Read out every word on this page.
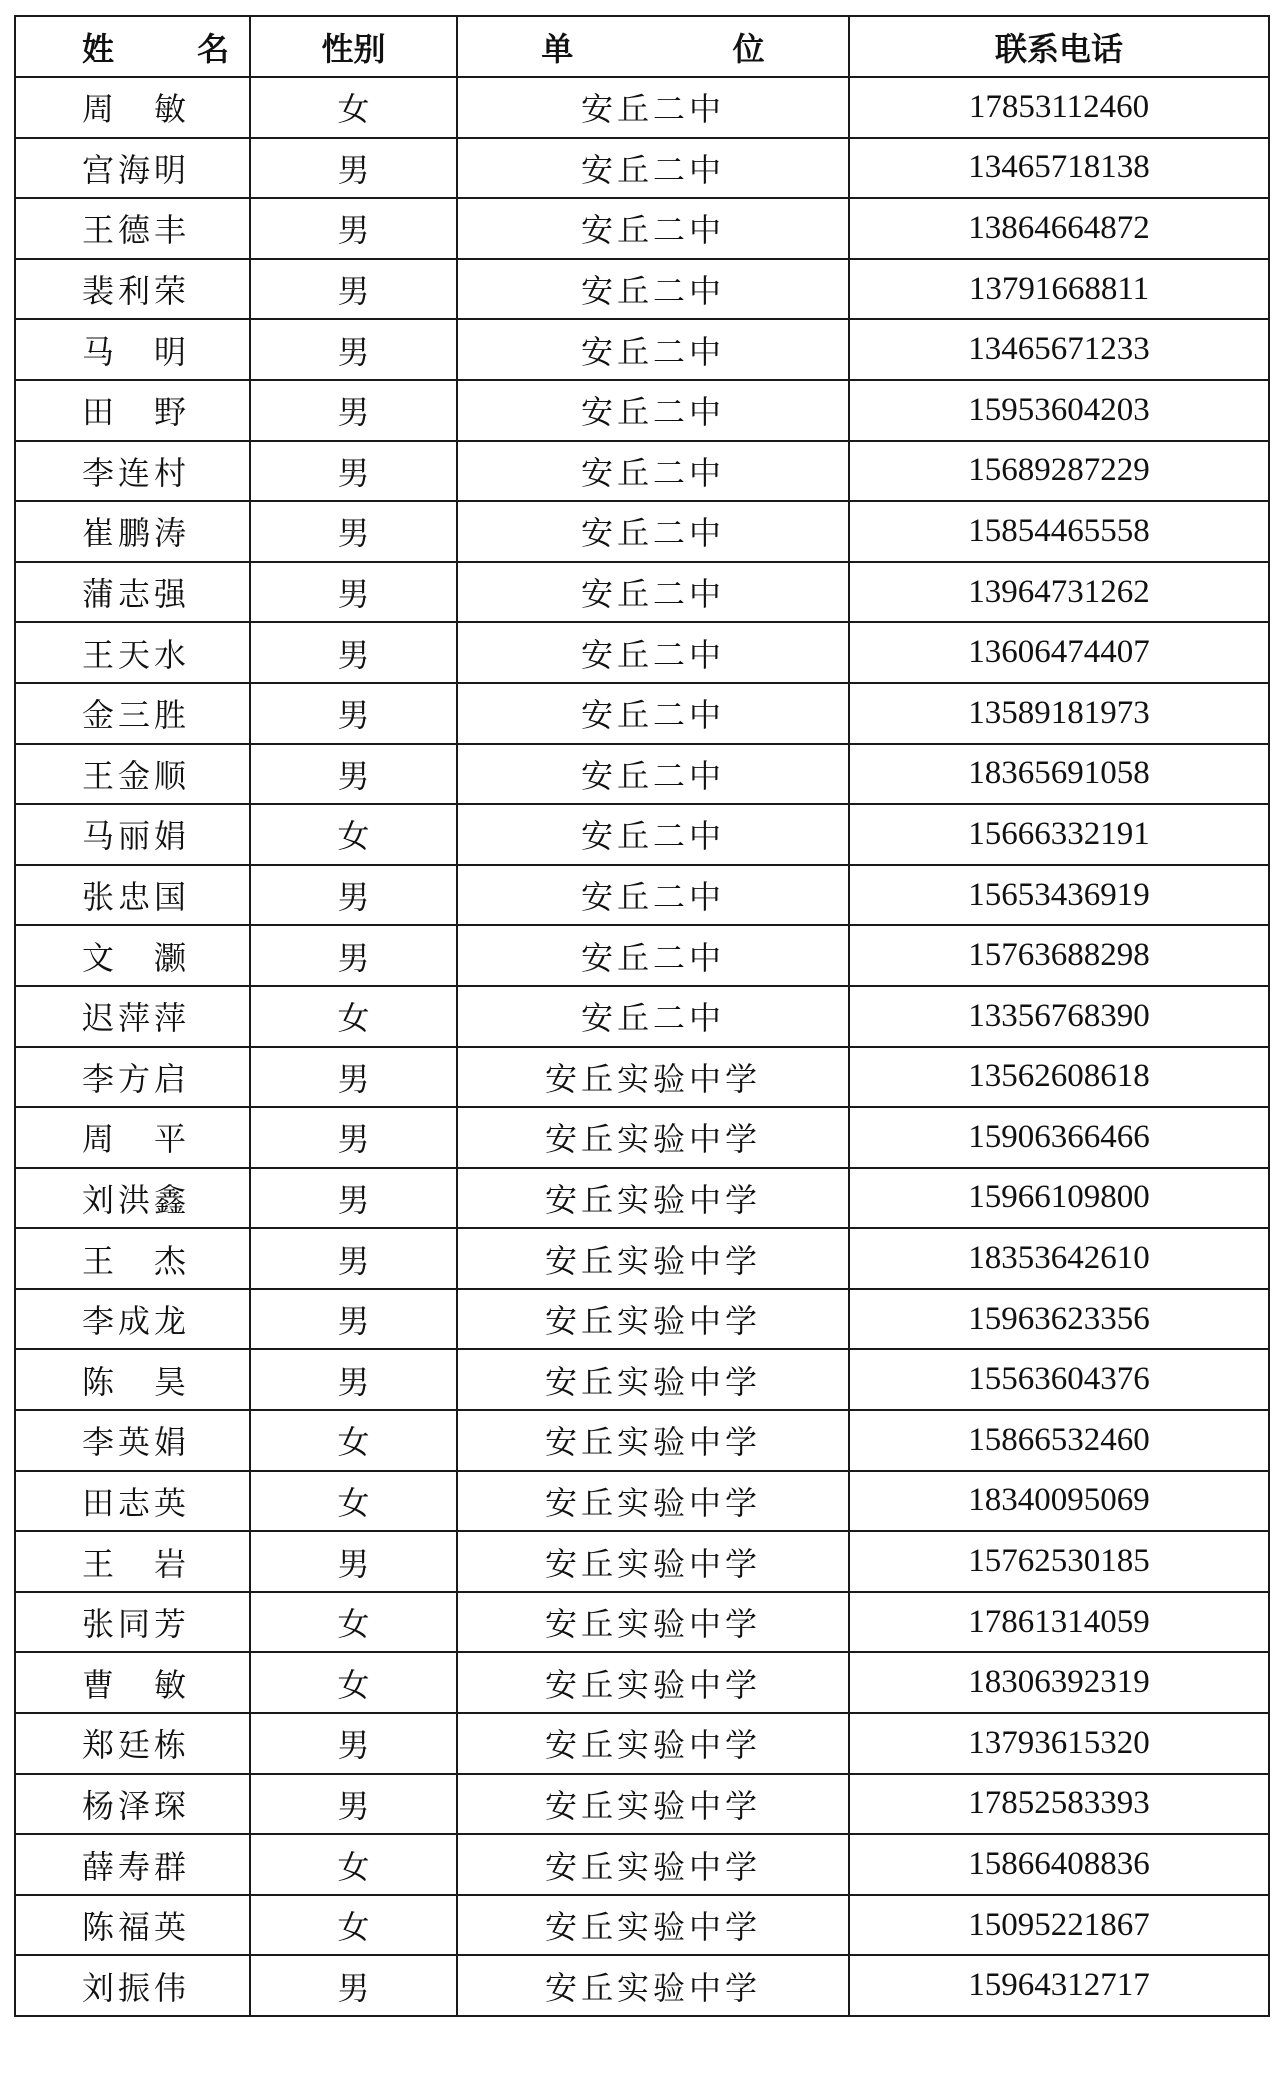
姓 名	性别	单 位	联系电话
周　敏	女	安丘二中	17853112460
宫海明	男	安丘二中	13465718138
王德丰	男	安丘二中	13864664872
裴利荣	男	安丘二中	13791668811
马　明	男	安丘二中	13465671233
田　野	男	安丘二中	15953604203
李连村	男	安丘二中	15689287229
崔鹏涛	男	安丘二中	15854465558
蒲志强	男	安丘二中	13964731262
王天水	男	安丘二中	13606474407
金三胜	男	安丘二中	13589181973
王金顺	男	安丘二中	18365691058
马丽娟	女	安丘二中	15666332191
张忠国	男	安丘二中	15653436919
文　灏	男	安丘二中	15763688298
迟萍萍	女	安丘二中	13356768390
李方启	男	安丘实验中学	13562608618
周　平	男	安丘实验中学	15906366466
刘洪鑫	男	安丘实验中学	15966109800
王　杰	男	安丘实验中学	18353642610
李成龙	男	安丘实验中学	15963623356
陈　昊	男	安丘实验中学	15563604376
李英娟	女	安丘实验中学	15866532460
田志英	女	安丘实验中学	18340095069
王　岩	男	安丘实验中学	15762530185
张同芳	女	安丘实验中学	17861314059
曹　敏	女	安丘实验中学	18306392319
郑廷栋	男	安丘实验中学	13793615320
杨泽琛	男	安丘实验中学	17852583393
薛寿群	女	安丘实验中学	15866408836
陈福英	女	安丘实验中学	15095221867
刘振伟	男	安丘实验中学	15964312717
